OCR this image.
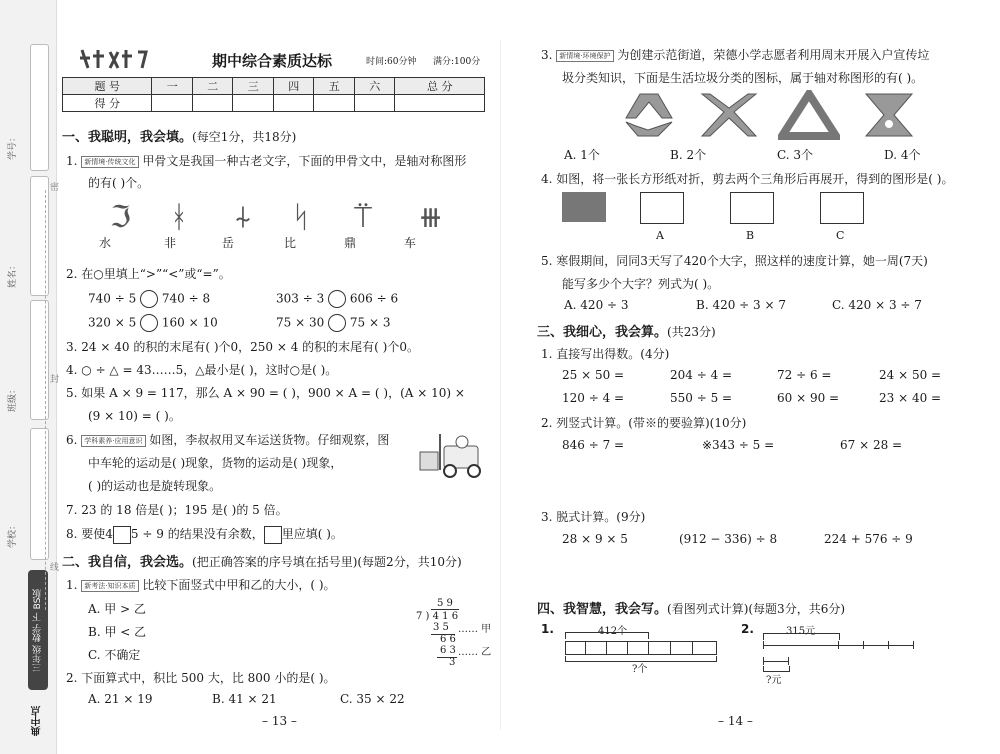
学号：
姓名：
班级：
学校：
密
封
线
三年级 数学 下 BS版
典中点
期中综合素质达标	时间:60分钟 满分:100分
题 号	一	二	三	四	五	六	总 分
得 分							
一、我聪明，我会填。(每空1分，共18分)
1. 新情境·传统文化 甲骨文是我国一种古老文字，下面的甲骨文中，是轴对称图形
的有( )个。
ℑ ᚼ ⍭ ᛋ ⍡ ⧻
水	非	岳	比	鼎	车
2. 在○里填上“>”“<”或“=”。
740 ÷ 5 740 ÷ 8	303 ÷ 3 606 ÷ 6
320 × 5 160 × 10	75 × 30 75 × 3
3. 24 × 40 的积的末尾有( )个0，250 × 4 的积的末尾有( )个0。
4. ○ ÷ △ = 43……5，△最小是( )，这时○是( )。
5. 如果 A × 9 = 117，那么 A × 90 = ( )，900 × A = ( )，(A × 10) ×
(9 × 10) = ( )。
6. 学科素养·应用意识 如图，李叔叔用叉车运送货物。仔细观察，图
中车轮的运动是( )现象，货物的运动是( )现象，
( )的运动也是旋转现象。
7. 23 的 18 倍是( )；195 是( )的 5 倍。
8. 要使4 5 ÷ 9 的结果没有余数， 里应填( )。
二、我自信，我会选。(把正确答案的序号填在括号里)(每题2分，共10分)
1. 新考法·知识本质 比较下面竖式中甲和乙的大小，( )。
A. 甲 > 乙
B. 甲 < 乙
C. 不确定
5 9
7 ) 4 1 6
3 5
6 6
6 3
3
…… 甲
…… 乙
2. 下面算式中，积比 500 大，比 800 小的是( )。
A. 21 × 19	B. 41 × 21	C. 35 × 22
– 13 –
3. 新情境·环境保护 为创建示范街道，荣德小学志愿者利用周末开展入户宣传垃
圾分类知识，下面是生活垃圾分类的图标，属于轴对称图形的有( )。
A. 1个	B. 2个	C. 3个	D. 4个
4. 如图，将一张长方形纸对折，剪去两个三角形后再展开，得到的图形是( )。
A	B	C
5. 寒假期间，同同3天写了420个大字，照这样的速度计算，她一周(7天)
能写多少个大字？列式为( )。
A. 420 ÷ 3	B. 420 ÷ 3 × 7	C. 420 × 3 ÷ 7
三、我细心，我会算。(共23分)
1. 直接写出得数。(4分)
25 × 50 =	204 ÷ 4 =	72 ÷ 6 =	24 × 50 =
120 ÷ 4 =	550 ÷ 5 =	60 × 90 =	23 × 40 =
2. 列竖式计算。(带※的要验算)(10分)
846 ÷ 7 =	※343 ÷ 5 =	67 × 28 =
3. 脱式计算。(9分)
28 × 9 × 5	(912 − 336) ÷ 8	224 + 576 ÷ 9
四、我智慧，我会写。(看图列式计算)(每题3分，共6分)
1.	412个
?个
2.	315元
?元
– 14 –
